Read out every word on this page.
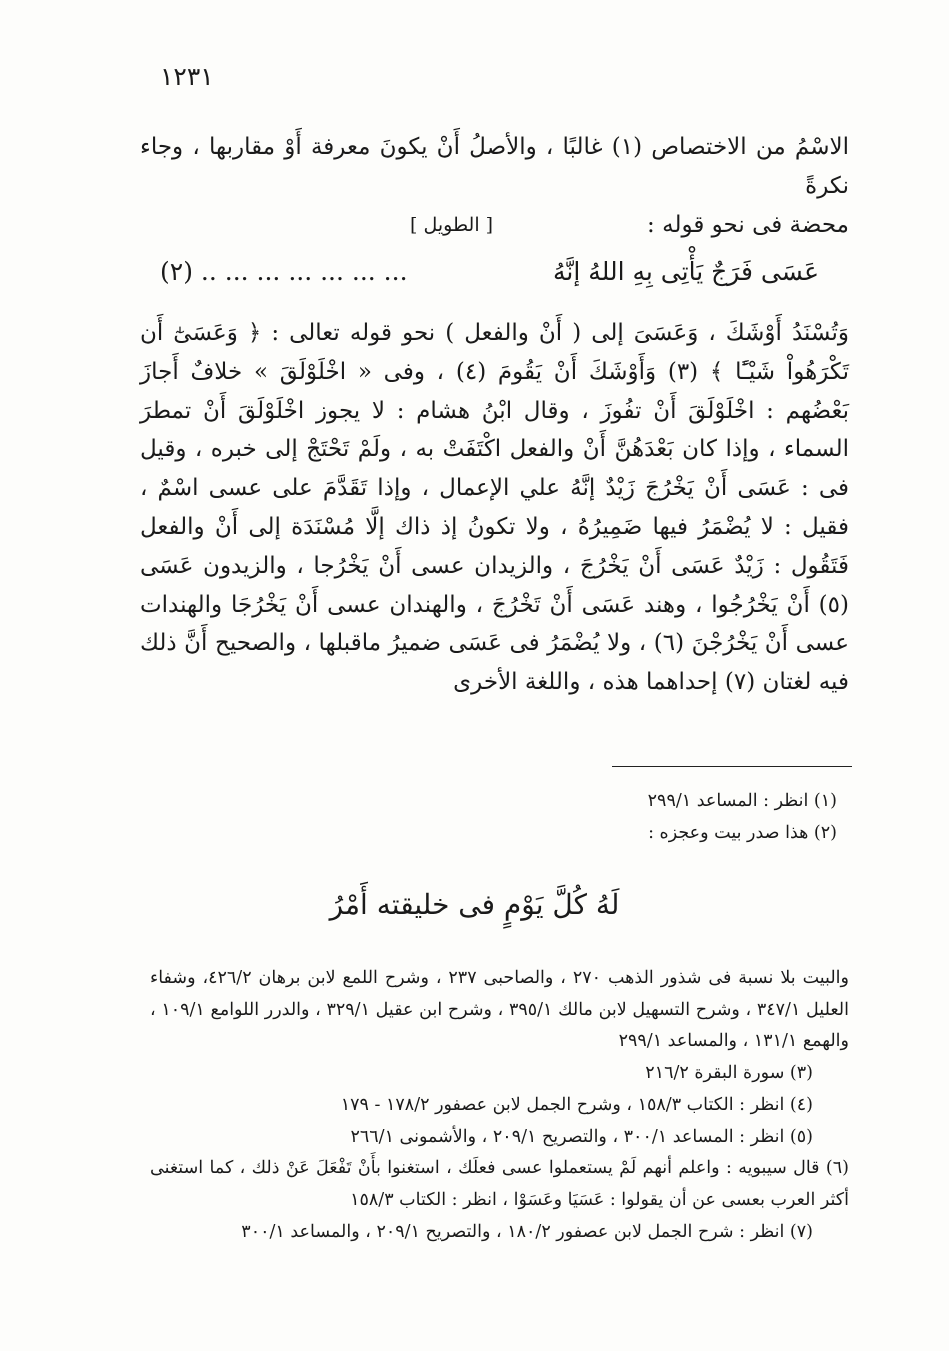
١٢٣١

الاسْمُ من الاختصاص (١) غالبًا ، والأصلُ أَنْ يكونَ معرفة أَوْ مقاربها ، وجاء نكرةً

محضة فى نحو قوله :
[ الطويل ]
عَسَى فَرَجٌ يَأْتِى بِهِ اللهُ إنَّهُ
... ... ... ... ... ... .. (٢)

وَتُسْنَدُ أَوْشَكَ ، وَعَسَىَ إلى ( أَنْ والفعل ) نحو قوله تعالى : ﴿ وَعَسَىٰٓ أَن تَكْرَهُواْ شَيْـًٔا ﴾ (٣) وَأَوْشَكَ أَنْ يَقُومَ (٤) ، وفى « اخْلَوْلَقَ » خلافٌ أَجازَ بَعْضُهم : اخْلَوْلَقَ أَنْ تفُوزَ ، وقال ابْنُ هشام : لا يجوز اخْلَوْلَقَ أَنْ تمطرَ السماء ، وإذا كان بَعْدَهُنَّ أَنْ والفعل اكْتَفَتْ به ، ولَمْ تَحْتَجْ إلى خبره ، وقيل فى : عَسَى أَنْ يَخْرُجَ زَيْدٌ إنَّهُ علي الإعمال ، وإذا تَقَدَّمَ على عسى اسْمٌ ، فقيل : لا يُضْمَرُ فيها ضَمِيرُهُ ، ولا تكونُ إذ ذاك إلَّا مُسْنَدَة إلى أَنْ والفعل فَتَقُول : زَيْدٌ عَسَى أَنْ يَخْرُجَ ، والزيدان عسى أَنْ يَخْرُجا ، والزيدون عَسَى (٥) أَنْ يَخْرُجُوا ، وهند عَسَى أَنْ تَخْرُجَ ، والهندان عسى أَنْ يَخْرُجَا والهندات عسى أَنْ يَخْرُجْنَ (٦) ، ولا يُضْمَرُ فى عَسَى ضميرُ ماقبلها ، والصحيح أَنَّ ذلك فيه لغتان (٧) إحداهما هذه ، واللغة الأخرى

(١) انظر : المساعد ٢٩٩/١
(٢) هذا صدر بيت وعجزه :
لَهُ كُلَّ يَوْمٍ فى خليقته أَمْرُ
والبيت بلا نسبة فى شذور الذهب ٢٧٠ ، والصاحبى ٢٣٧ ، وشرح اللمع لابن برهان ٤٢٦/٢، وشفاء العليل ٣٤٧/١ ، وشرح التسهيل لابن مالك ٣٩٥/١ ، وشرح ابن عقيل ٣٢٩/١ ، والدرر اللوامع ١٠٩/١ ، والهمع ١٣١/١ ، والمساعد ٢٩٩/١
(٣) سورة البقرة ٢١٦/٢
(٤) انظر : الكتاب ١٥٨/٣ ، وشرح الجمل لابن عصفور ١٧٨/٢ - ١٧٩
(٥) انظر : المساعد ٣٠٠/١ ، والتصريح ٢٠٩/١ ، والأشمونى ٢٦٦/١
(٦) قال سيبويه : واعلم أنهم لَمْ يستعملوا عسى فعلَك ، استغنوا بأَنْ تَفْعَلَ عَنْ ذلك ، كما استغنى أكثر العرب بعسى عن أن يقولوا : عَسَيَا وعَسَوْا ، انظر : الكتاب ١٥٨/٣
(٧) انظر : شرح الجمل لابن عصفور ١٨٠/٢ ، والتصريح ٢٠٩/١ ، والمساعد ٣٠٠/١
